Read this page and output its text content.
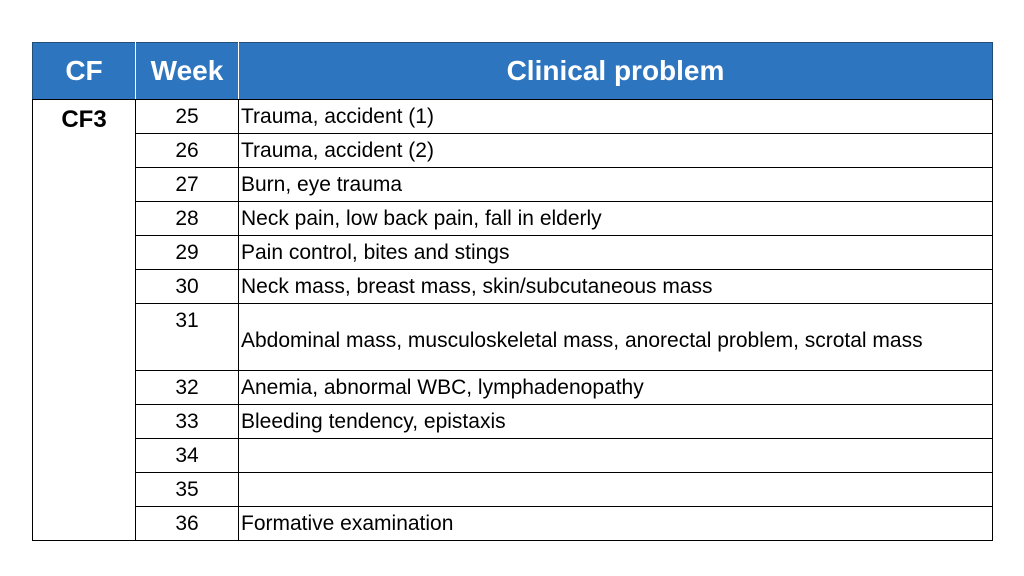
CF	Week	Clinical problem
CF3	25	Trauma, accident (1)
	26	Trauma, accident (2)
	27	Burn, eye trauma
	28	Neck pain, low back pain, fall in elderly
	29	Pain control, bites and stings
	30	Neck mass, breast mass, skin/subcutaneous mass
	31	Abdominal mass, musculoskeletal mass, anorectal problem, scrotal mass
	32	Anemia, abnormal WBC, lymphadenopathy
	33	Bleeding tendency, epistaxis
	34	
	35	
	36	Formative examination
